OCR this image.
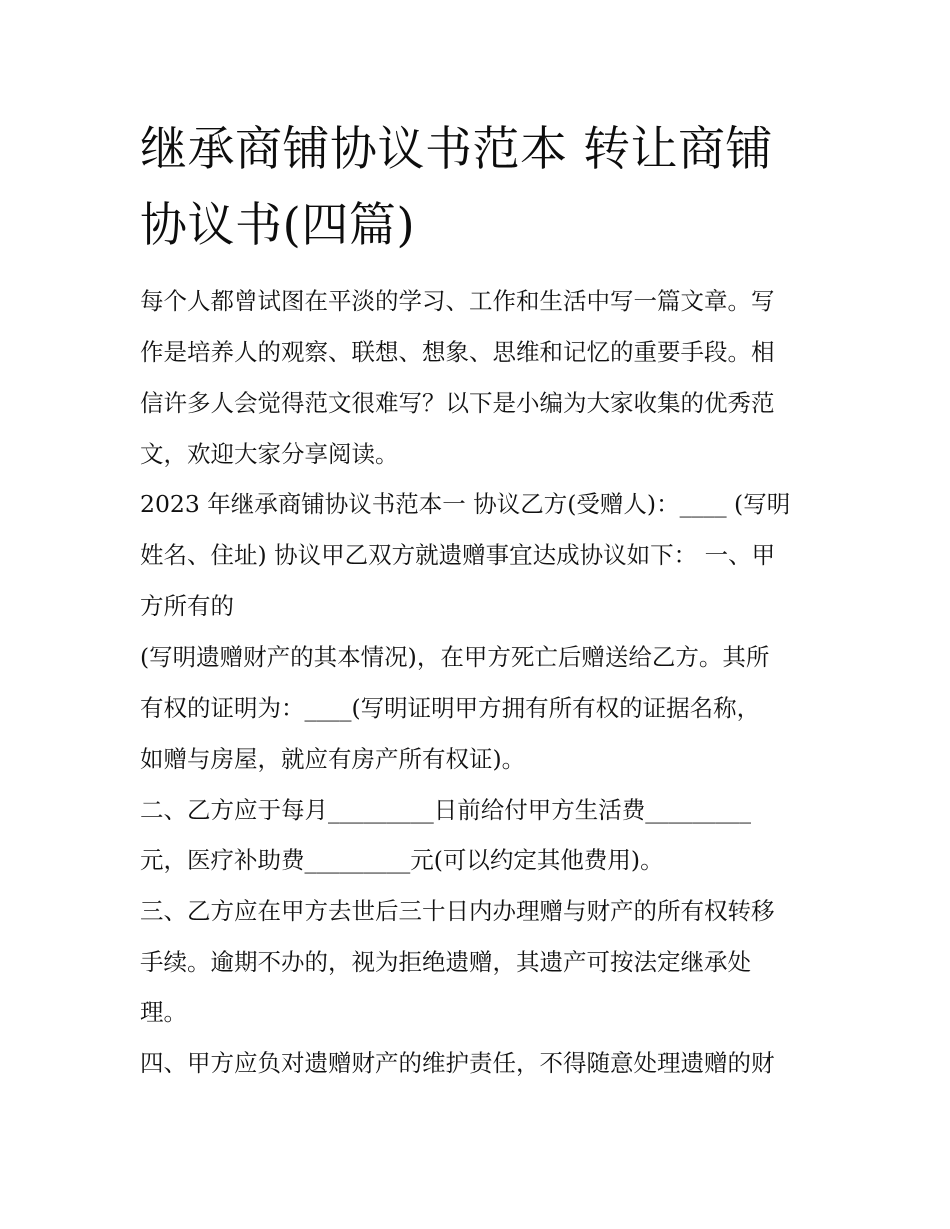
继承商铺协议书范本 转让商铺
协议书(四篇)
每个人都曾试图在平淡的学习、工作和生活中写一篇文章。写
作是培养人的观察、联想、想象、思维和记忆的重要手段。相
信许多人会觉得范文很难写？以下是小编为大家收集的优秀范
文，欢迎大家分享阅读。
2023 年继承商铺协议书范本一 协议乙方(受赠人)：____ (写明
姓名、住址) 协议甲乙双方就遗赠事宜达成协议如下： 一、甲
方所有的
(写明遗赠财产的其本情况)，在甲方死亡后赠送给乙方。其所
有权的证明为：____(写明证明甲方拥有所有权的证据名称，
如赠与房屋，就应有房产所有权证)。
二、乙方应于每月_________日前给付甲方生活费_________
元，医疗补助费_________元(可以约定其他费用)。
三、乙方应在甲方去世后三十日内办理赠与财产的所有权转移
手续。逾期不办的，视为拒绝遗赠，其遗产可按法定继承处
理。
四、甲方应负对遗赠财产的维护责任，不得随意处理遗赠的财
